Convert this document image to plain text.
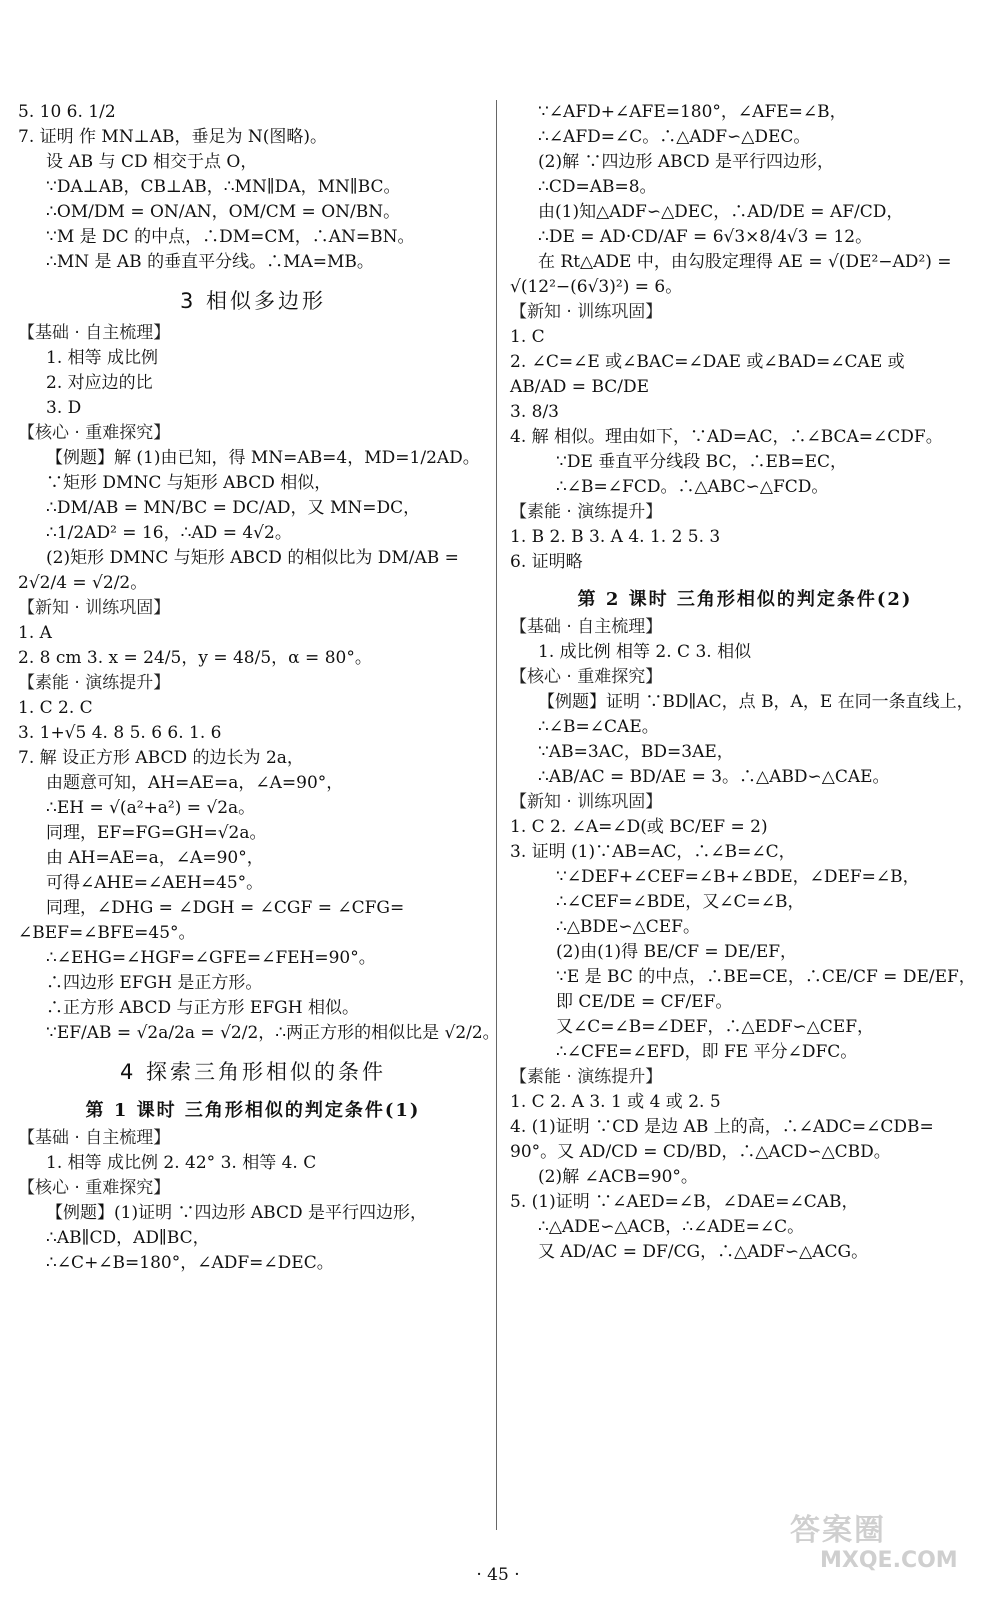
5. 10 6. 1/2
7. 证明 作 MN⊥AB，垂足为 N(图略)。
设 AB 与 CD 相交于点 O，
∵DA⊥AB，CB⊥AB，∴MN∥DA，MN∥BC。
∴OM/DM = ON/AN，OM/CM = ON/BN。
∵M 是 DC 的中点，∴DM=CM，∴AN=BN。
∴MN 是 AB 的垂直平分线。∴MA=MB。
3 相似多边形
【基础 · 自主梳理】
1. 相等 成比例
2. 对应边的比
3. D
【核心 · 重难探究】
【例题】解 (1)由已知，得 MN=AB=4，MD=1/2AD。
∵矩形 DMNC 与矩形 ABCD 相似，
∴DM/AB = MN/BC = DC/AD，又 MN=DC，
∴1/2AD² = 16，∴AD = 4√2。
(2)矩形 DMNC 与矩形 ABCD 的相似比为 DM/AB =
2√2/4 = √2/2。
【新知 · 训练巩固】
1. A
2. 8 cm 3. x = 24/5，y = 48/5，α = 80°。
【素能 · 演练提升】
1. C 2. C
3. 1+√5 4. 8 5. 6 6. 1. 6
7. 解 设正方形 ABCD 的边长为 2a，
由题意可知，AH=AE=a，∠A=90°，
∴EH = √(a²+a²) = √2a。
同理，EF=FG=GH=√2a。
由 AH=AE=a，∠A=90°，
可得∠AHE=∠AEH=45°。
同理，∠DHG = ∠DGH = ∠CGF = ∠CFG=
∠BEF=∠BFE=45°。
∴∠EHG=∠HGF=∠GFE=∠FEH=90°。
∴四边形 EFGH 是正方形。
∴正方形 ABCD 与正方形 EFGH 相似。
∵EF/AB = √2a/2a = √2/2，∴两正方形的相似比是 √2/2。
4 探索三角形相似的条件
第 1 课时 三角形相似的判定条件(1)
【基础 · 自主梳理】
1. 相等 成比例 2. 42° 3. 相等 4. C
【核心 · 重难探究】
【例题】(1)证明 ∵四边形 ABCD 是平行四边形，
∴AB∥CD，AD∥BC，
∴∠C+∠B=180°，∠ADF=∠DEC。
∵∠AFD+∠AFE=180°，∠AFE=∠B，
∴∠AFD=∠C。∴△ADF∽△DEC。
(2)解 ∵四边形 ABCD 是平行四边形，
∴CD=AB=8。
由(1)知△ADF∽△DEC，∴AD/DE = AF/CD，
∴DE = AD·CD/AF = 6√3×8/4√3 = 12。
在 Rt△ADE 中，由勾股定理得 AE = √(DE²−AD²) =
√(12²−(6√3)²) = 6。
【新知 · 训练巩固】
1. C
2. ∠C=∠E 或∠BAC=∠DAE 或∠BAD=∠CAE 或
AB/AD = BC/DE
3. 8/3
4. 解 相似。理由如下，∵AD=AC，∴∠BCA=∠CDF。
∵DE 垂直平分线段 BC，∴EB=EC，
∴∠B=∠FCD。∴△ABC∽△FCD。
【素能 · 演练提升】
1. B 2. B 3. A 4. 1. 2 5. 3
6. 证明略
第 2 课时 三角形相似的判定条件(2)
【基础 · 自主梳理】
1. 成比例 相等 2. C 3. 相似
【核心 · 重难探究】
【例题】证明 ∵BD∥AC，点 B，A，E 在同一条直线上，
∴∠B=∠CAE。
∵AB=3AC，BD=3AE，
∴AB/AC = BD/AE = 3。∴△ABD∽△CAE。
【新知 · 训练巩固】
1. C 2. ∠A=∠D(或 BC/EF = 2)
3. 证明 (1)∵AB=AC，∴∠B=∠C，
∵∠DEF+∠CEF=∠B+∠BDE，∠DEF=∠B，
∴∠CEF=∠BDE，又∠C=∠B，
∴△BDE∽△CEF。
(2)由(1)得 BE/CF = DE/EF，
∵E 是 BC 的中点，∴BE=CE，∴CE/CF = DE/EF，
即 CE/DE = CF/EF。
又∠C=∠B=∠DEF，∴△EDF∽△CEF，
∴∠CFE=∠EFD，即 FE 平分∠DFC。
【素能 · 演练提升】
1. C 2. A 3. 1 或 4 或 2. 5
4. (1)证明 ∵CD 是边 AB 上的高，∴∠ADC=∠CDB=
90°。又 AD/CD = CD/BD，∴△ACD∽△CBD。
(2)解 ∠ACB=90°。
5. (1)证明 ∵∠AED=∠B，∠DAE=∠CAB，
∴△ADE∽△ACB，∴∠ADE=∠C。
又 AD/AC = DF/CG，∴△ADF∽△ACG。
答案圈
MXQE.COM
· 45 ·
